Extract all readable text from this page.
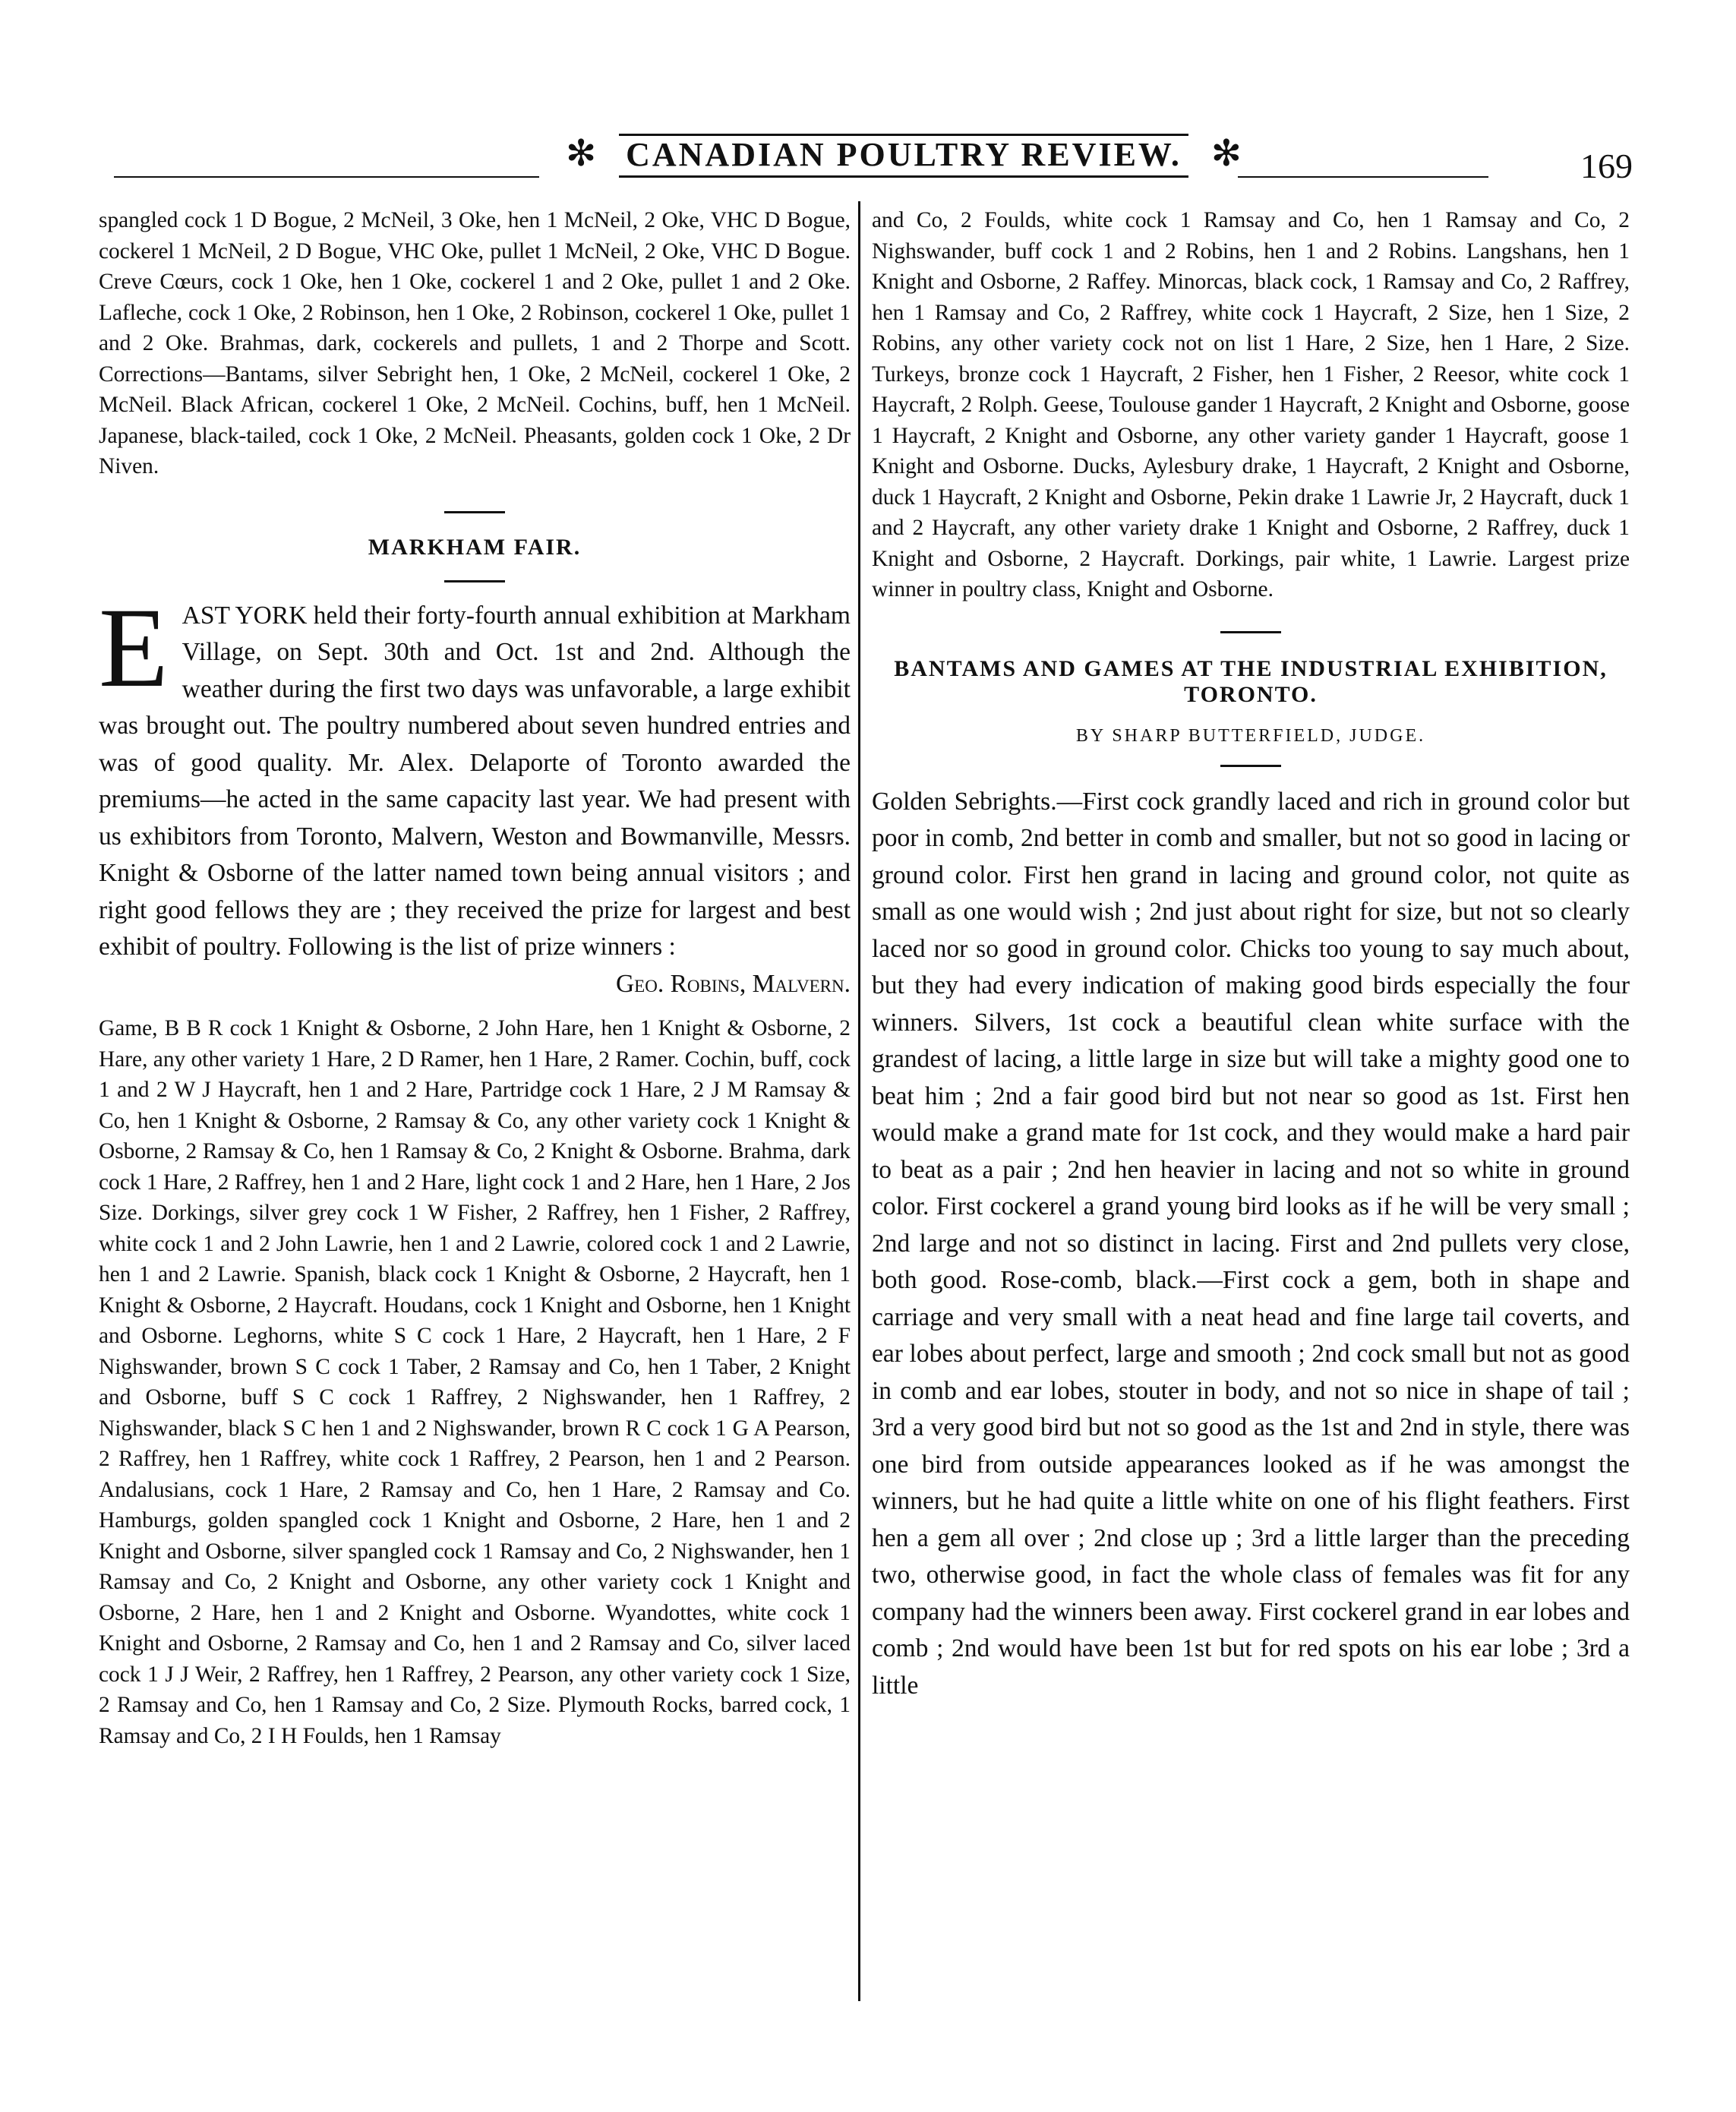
✻ CANADIAN POULTRY REVIEW. ✻	169

spangled cock 1 D Bogue, 2 McNeil, 3 Oke, hen 1 McNeil, 2 Oke, VHC D Bogue, cockerel 1 McNeil, 2 D Bogue, VHC Oke, pullet 1 McNeil, 2 Oke, VHC D Bogue. Creve Cœurs, cock 1 Oke, hen 1 Oke, cockerel 1 and 2 Oke, pullet 1 and 2 Oke. Lafleche, cock 1 Oke, 2 Robinson, hen 1 Oke, 2 Robinson, cockerel 1 Oke, pullet 1 and 2 Oke. Brahmas, dark, cockerels and pullets, 1 and 2 Thorpe and Scott. Corrections—Bantams, silver Sebright hen, 1 Oke, 2 McNeil, cockerel 1 Oke, 2 McNeil. Black African, cockerel 1 Oke, 2 McNeil. Cochins, buff, hen 1 McNeil. Japanese, black-tailed, cock 1 Oke, 2 McNeil. Pheasants, golden cock 1 Oke, 2 Dr Niven.

MARKHAM FAIR.

EAST YORK held their forty-fourth annual exhibition at Markham Village, on Sept. 30th and Oct. 1st and 2nd. Although the weather during the first two days was unfavorable, a large exhibit was brought out. The poultry numbered about seven hundred entries and was of good quality. Mr. Alex. Delaporte of Toronto awarded the premiums—he acted in the same capacity last year. We had present with us exhibitors from Toronto, Malvern, Weston and Bowmanville, Messrs. Knight & Osborne of the latter named town being annual visitors ; and right good fellows they are ; they received the prize for largest and best exhibit of poultry. Following is the list of prize winners :
Geo. Robins, Malvern.

Game, B B R cock 1 Knight & Osborne, 2 John Hare, hen 1 Knight & Osborne, 2 Hare, any other variety 1 Hare, 2 D Ramer, hen 1 Hare, 2 Ramer. Cochin, buff, cock 1 and 2 W J Haycraft, hen 1 and 2 Hare, Partridge cock 1 Hare, 2 J M Ramsay & Co, hen 1 Knight & Osborne, 2 Ramsay & Co, any other variety cock 1 Knight & Osborne, 2 Ramsay & Co, hen 1 Ramsay & Co, 2 Knight & Osborne. Brahma, dark cock 1 Hare, 2 Raffrey, hen 1 and 2 Hare, light cock 1 and 2 Hare, hen 1 Hare, 2 Jos Size. Dorkings, silver grey cock 1 W Fisher, 2 Raffrey, hen 1 Fisher, 2 Raffrey, white cock 1 and 2 John Lawrie, hen 1 and 2 Lawrie, colored cock 1 and 2 Lawrie, hen 1 and 2 Lawrie. Spanish, black cock 1 Knight & Osborne, 2 Haycraft, hen 1 Knight & Osborne, 2 Haycraft. Houdans, cock 1 Knight and Osborne, hen 1 Knight and Osborne. Leghorns, white S C cock 1 Hare, 2 Haycraft, hen 1 Hare, 2 F Nighswander, brown S C cock 1 Taber, 2 Ramsay and Co, hen 1 Taber, 2 Knight and Osborne, buff S C cock 1 Raffrey, 2 Nighswander, hen 1 Raffrey, 2 Nighswander, black S C hen 1 and 2 Nighswander, brown R C cock 1 G A Pearson, 2 Raffrey, hen 1 Raffrey, white cock 1 Raffrey, 2 Pearson, hen 1 and 2 Pearson. Andalusians, cock 1 Hare, 2 Ramsay and Co, hen 1 Hare, 2 Ramsay and Co. Hamburgs, golden spangled cock 1 Knight and Osborne, 2 Hare, hen 1 and 2 Knight and Osborne, silver spangled cock 1 Ramsay and Co, 2 Nighswander, hen 1 Ramsay and Co, 2 Knight and Osborne, any other variety cock 1 Knight and Osborne, 2 Hare, hen 1 and 2 Knight and Osborne. Wyandottes, white cock 1 Knight and Osborne, 2 Ramsay and Co, hen 1 and 2 Ramsay and Co, silver laced cock 1 J J Weir, 2 Raffrey, hen 1 Raffrey, 2 Pearson, any other variety cock 1 Size, 2 Ramsay and Co, hen 1 Ramsay and Co, 2 Size. Plymouth Rocks, barred cock, 1 Ramsay and Co, 2 I H Foulds, hen 1 Ramsay

and Co, 2 Foulds, white cock 1 Ramsay and Co, hen 1 Ramsay and Co, 2 Nighswander, buff cock 1 and 2 Robins, hen 1 and 2 Robins. Langshans, hen 1 Knight and Osborne, 2 Raffey. Minorcas, black cock, 1 Ramsay and Co, 2 Raffrey, hen 1 Ramsay and Co, 2 Raffrey, white cock 1 Haycraft, 2 Size, hen 1 Size, 2 Robins, any other variety cock not on list 1 Hare, 2 Size, hen 1 Hare, 2 Size. Turkeys, bronze cock 1 Haycraft, 2 Fisher, hen 1 Fisher, 2 Reesor, white cock 1 Haycraft, 2 Rolph. Geese, Toulouse gander 1 Haycraft, 2 Knight and Osborne, goose 1 Haycraft, 2 Knight and Osborne, any other variety gander 1 Haycraft, goose 1 Knight and Osborne. Ducks, Aylesbury drake, 1 Haycraft, 2 Knight and Osborne, duck 1 Haycraft, 2 Knight and Osborne, Pekin drake 1 Lawrie Jr, 2 Haycraft, duck 1 and 2 Haycraft, any other variety drake 1 Knight and Osborne, 2 Raffrey, duck 1 Knight and Osborne, 2 Haycraft. Dorkings, pair white, 1 Lawrie. Largest prize winner in poultry class, Knight and Osborne.

BANTAMS AND GAMES AT THE INDUSTRIAL EXHIBITION, TORONTO.
BY SHARP BUTTERFIELD, JUDGE.

Golden Sebrights.—First cock grandly laced and rich in ground color but poor in comb, 2nd better in comb and smaller, but not so good in lacing or ground color. First hen grand in lacing and ground color, not quite as small as one would wish ; 2nd just about right for size, but not so clearly laced nor so good in ground color. Chicks too young to say much about, but they had every indication of making good birds especially the four winners. Silvers, 1st cock a beautiful clean white surface with the grandest of lacing, a little large in size but will take a mighty good one to beat him ; 2nd a fair good bird but not near so good as 1st. First hen would make a grand mate for 1st cock, and they would make a hard pair to beat as a pair ; 2nd hen heavier in lacing and not so white in ground color. First cockerel a grand young bird looks as if he will be very small ; 2nd large and not so distinct in lacing. First and 2nd pullets very close, both good. Rose-comb, black.—First cock a gem, both in shape and carriage and very small with a neat head and fine large tail coverts, and ear lobes about perfect, large and smooth ; 2nd cock small but not as good in comb and ear lobes, stouter in body, and not so nice in shape of tail ; 3rd a very good bird but not so good as the 1st and 2nd in style, there was one bird from outside appearances looked as if he was amongst the winners, but he had quite a little white on one of his flight feathers. First hen a gem all over ; 2nd close up ; 3rd a little larger than the preceding two, otherwise good, in fact the whole class of females was fit for any company had the winners been away. First cockerel grand in ear lobes and comb ; 2nd would have been 1st but for red spots on his ear lobe ; 3rd a little
